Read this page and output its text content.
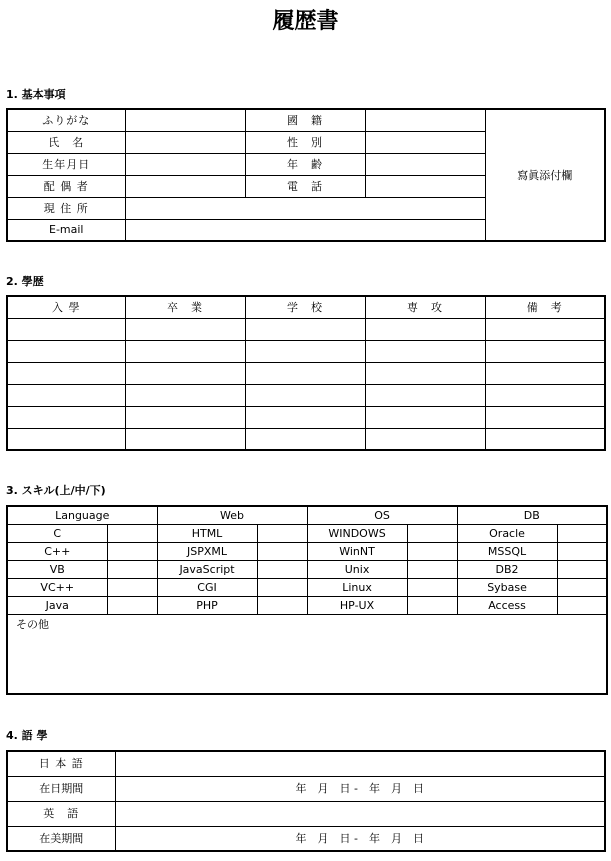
履歴書
1. 基本事項
ふりがな		國　籍		寫眞添付欄
氏　名		性　別		
生年月日		年　齢		
配 偶 者		電　話		
現 住 所				
E-mail				
2. 學歴
入 學	卒　業	学　校	専　攻	備　考

3. スキル(上/中/下)
Language		Web		OS		DB	
C		HTML		WINDOWS		Oracle	
C++		JSPXML		WinNT		MSSQL	
VB		JavaScript		Unix		DB2	
VC++		CGI		Linux		Sybase	
Java		PHP		HP-UX		Access	
その他							
4. 語 學
日 本 語	
在日期間	年　月　日 -　年　月　日
英　語	
在美期間	年　月　日 -　年　月　日
